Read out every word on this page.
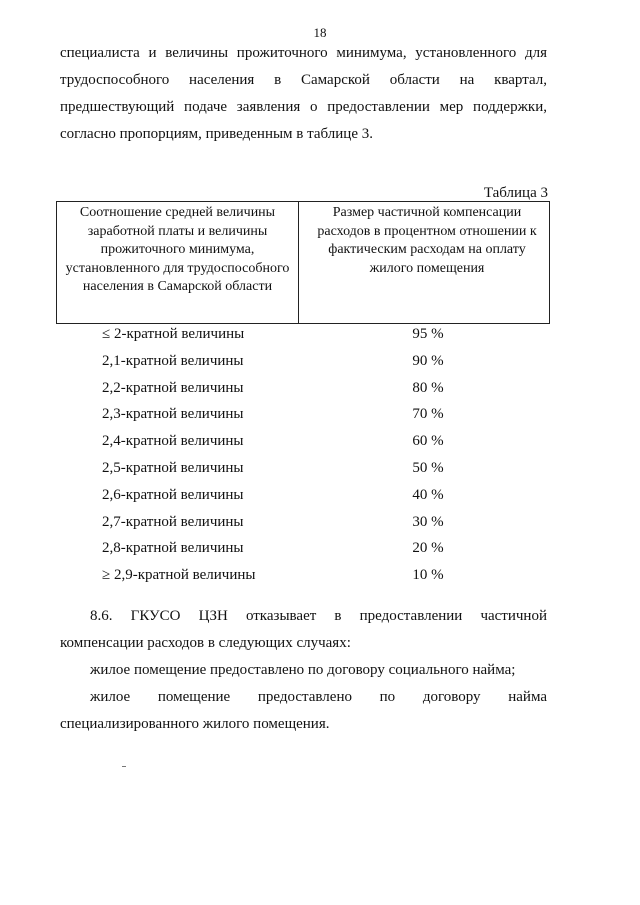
18

специалиста и величины прожиточного минимума, установленного для трудоспособного населения в Самарской области на квартал, предшествующий подаче заявления о предоставлении мер поддержки, согласно пропорциям, приведенным в таблице 3.

Таблица 3
Соотношение средней величины заработной платы и величины прожиточного минимума, установленного для трудоспособного населения в Самарской области
Размер частичной компенсации расходов в процентном отношении к фактическим расходам на оплату жилого помещения
≤ 2-кратной величины	95 %
2,1-кратной величины	90 %
2,2-кратной величины	80 %
2,3-кратной величины	70 %
2,4-кратной величины	60 %
2,5-кратной величины	50 %
2,6-кратной величины	40 %
2,7-кратной величины	30 %
2,8-кратной величины	20 %
≥ 2,9-кратной величины	10 %

8.6. ГКУСО ЦЗН отказывает в предоставлении частичной компенсации расходов в следующих случаях:

жилое помещение предоставлено по договору социального найма;

жилое помещение предоставлено по договору найма специализированного жилого помещения.
